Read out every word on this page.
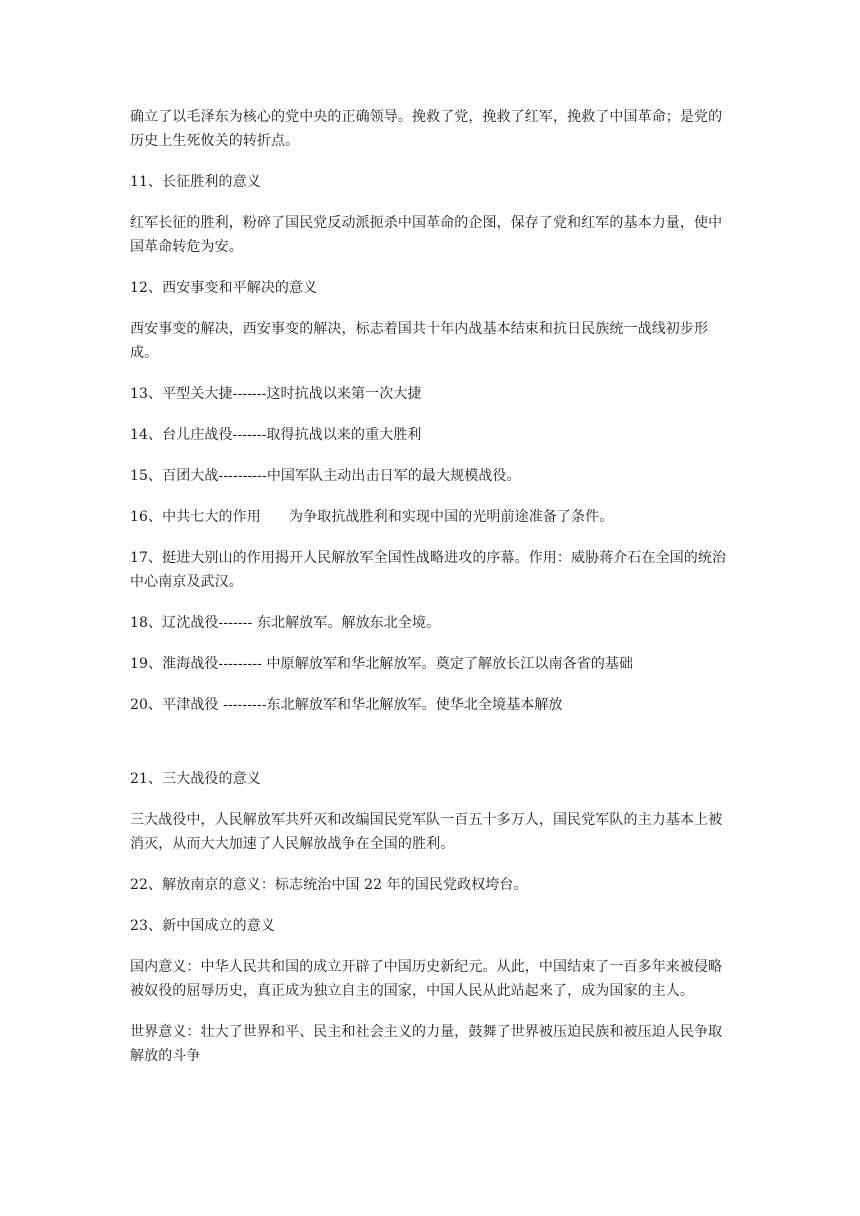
确立了以毛泽东为核心的党中央的正确领导。挽救了党，挽救了红军，挽救了中国革命；是党的历史上生死攸关的转折点。

11、长征胜利的意义

红军长征的胜利，粉碎了国民党反动派扼杀中国革命的企图，保存了党和红军的基本力量，使中国革命转危为安。

12、西安事变和平解决的意义

西安事变的解决，西安事变的解决，标志着国共十年内战基本结束和抗日民族统一战线初步形成。

13、平型关大捷-------这时抗战以来第一次大捷

14、台儿庄战役-------取得抗战以来的重大胜利

15、百团大战----------中国军队主动出击日军的最大规模战役。

16、中共七大的作用　　为争取抗战胜利和实现中国的光明前途准备了条件。

17、挺进大别山的作用揭开人民解放军全国性战略进攻的序幕。作用：威胁蒋介石在全国的统治中心南京及武汉。

18、辽沈战役------- 东北解放军。解放东北全境。

19、淮海战役--------- 中原解放军和华北解放军。奠定了解放长江以南各省的基础

20、平津战役 ---------东北解放军和华北解放军。使华北全境基本解放

21、三大战役的意义

三大战役中，人民解放军共歼灭和改编国民党军队一百五十多万人，国民党军队的主力基本上被消灭，从而大大加速了人民解放战争在全国的胜利。

22、解放南京的意义：标志统治中国 22 年的国民党政权垮台。

23、新中国成立的意义

国内意义：中华人民共和国的成立开辟了中国历史新纪元。从此，中国结束了一百多年来被侵略被奴役的屈辱历史，真正成为独立自主的国家，中国人民从此站起来了，成为国家的主人。

世界意义：壮大了世界和平、民主和社会主义的力量，鼓舞了世界被压迫民族和被压迫人民争取解放的斗争
